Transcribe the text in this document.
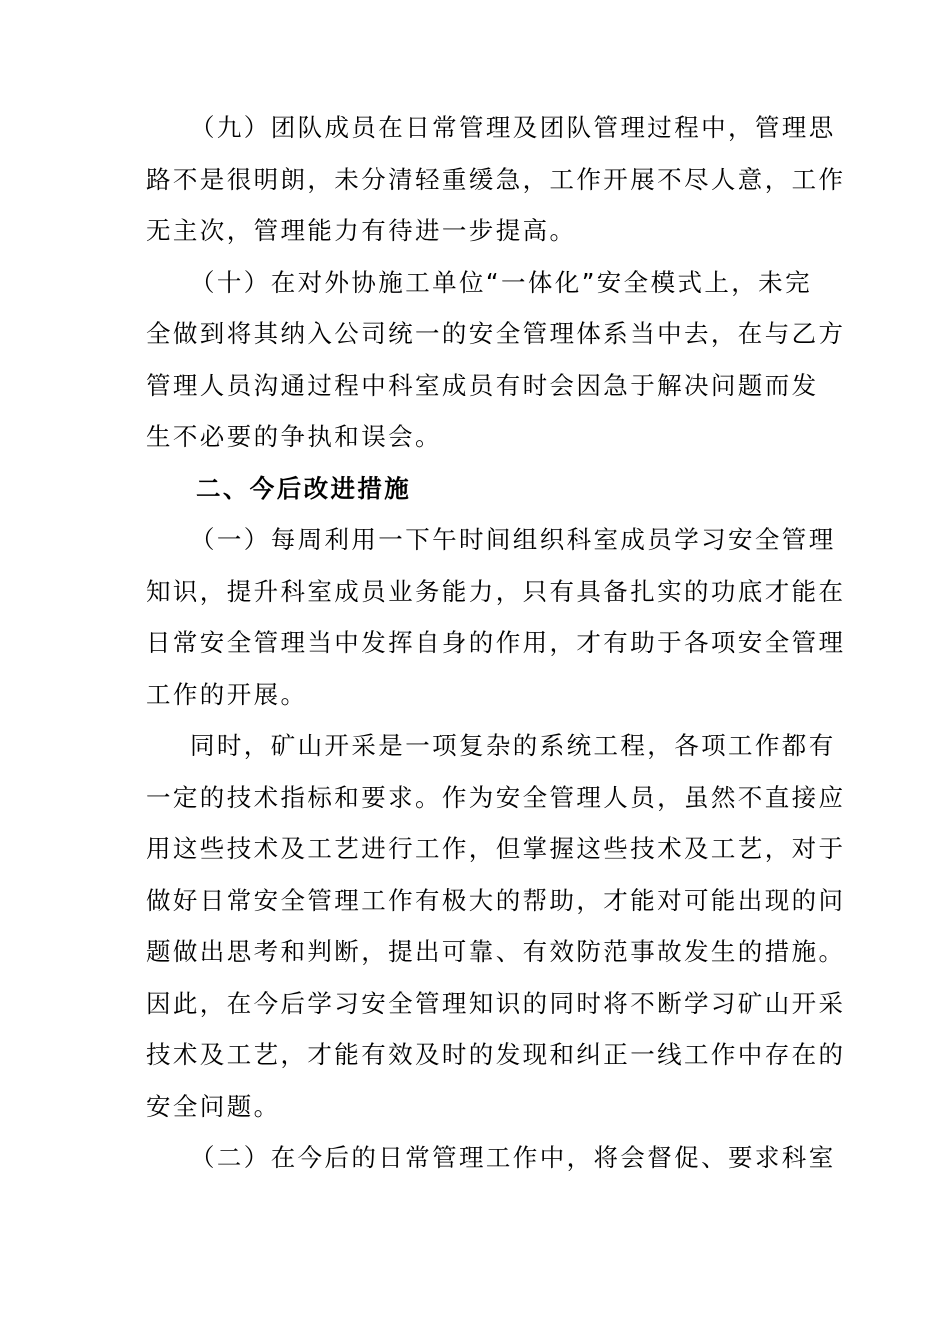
（九）团队成员在日常管理及团队管理过程中，管理思
路不是很明朗，未分清轻重缓急，工作开展不尽人意，工作
无主次，管理能力有待进一步提高。
（十）在对外协施工单位“一体化”安全模式上，未完
全做到将其纳入公司统一的安全管理体系当中去，在与乙方
管理人员沟通过程中科室成员有时会因急于解决问题而发
生不必要的争执和误会。
二、今后改进措施
（一）每周利用一下午时间组织科室成员学习安全管理
知识，提升科室成员业务能力，只有具备扎实的功底才能在
日常安全管理当中发挥自身的作用，才有助于各项安全管理
工作的开展。
同时，矿山开采是一项复杂的系统工程，各项工作都有
一定的技术指标和要求。作为安全管理人员，虽然不直接应
用这些技术及工艺进行工作，但掌握这些技术及工艺，对于
做好日常安全管理工作有极大的帮助，才能对可能出现的问
题做出思考和判断，提出可靠、有效防范事故发生的措施。
因此，在今后学习安全管理知识的同时将不断学习矿山开采
技术及工艺，才能有效及时的发现和纠正一线工作中存在的
安全问题。
（二）在今后的日常管理工作中，将会督促、要求科室
